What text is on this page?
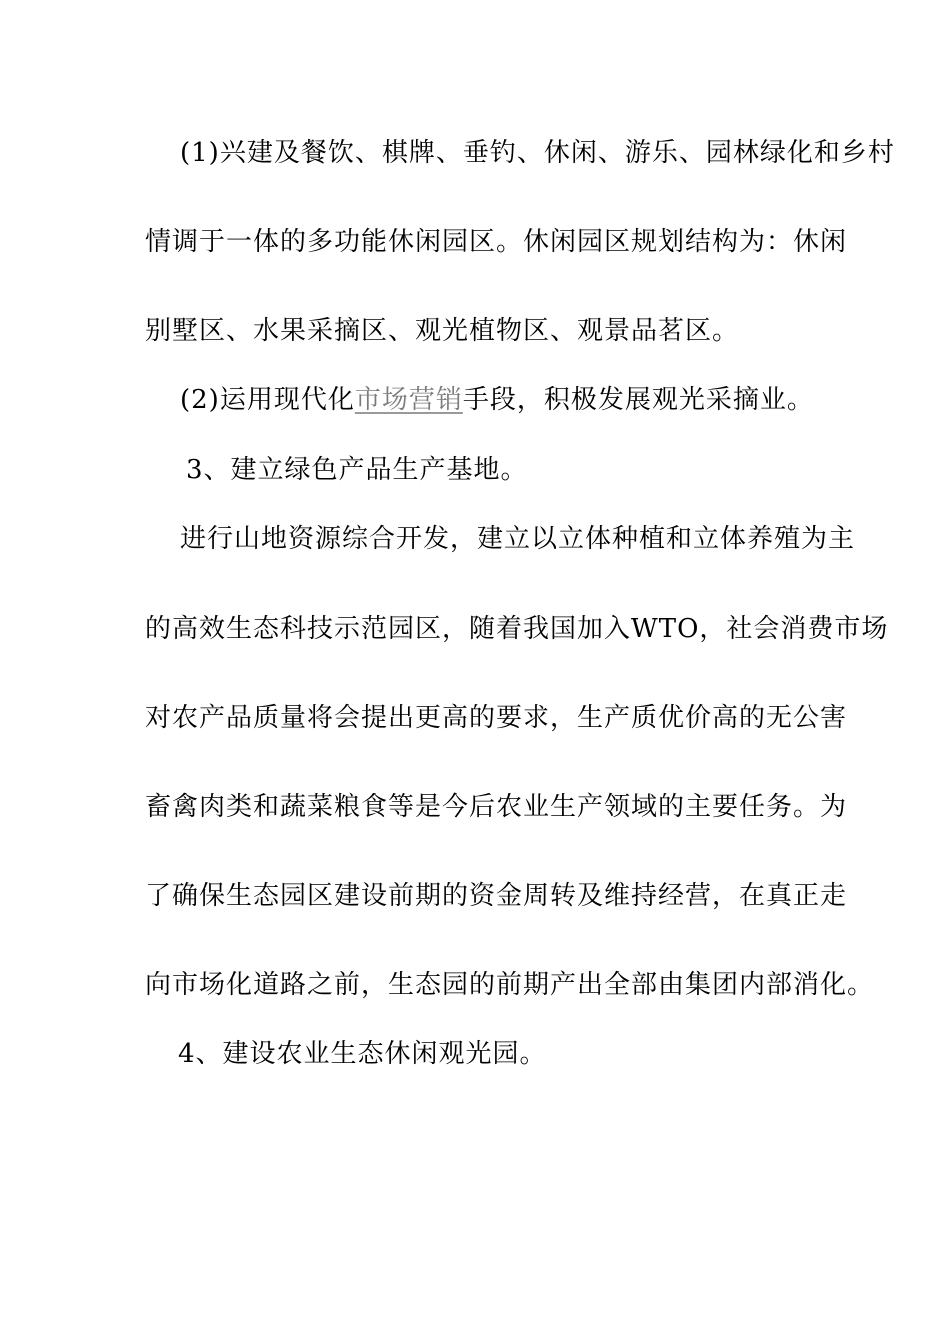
(1)兴建及餐饮、棋牌、垂钓、休闲、游乐、园林绿化和乡村
情调于一体的多功能休闲园区。休闲园区规划结构为：休闲
别墅区、水果采摘区、观光植物区、观景品茗区。
(2)运用现代化市场营销手段，积极发展观光采摘业。
3、建立绿色产品生产基地。
进行山地资源综合开发，建立以立体种植和立体养殖为主
的高效生态科技示范园区，随着我国加入WTO，社会消费市场
对农产品质量将会提出更高的要求，生产质优价高的无公害
畜禽肉类和蔬菜粮食等是今后农业生产领域的主要任务。为
了确保生态园区建设前期的资金周转及维持经营，在真正走
向市场化道路之前，生态园的前期产出全部由集团内部消化。
4、建设农业生态休闲观光园。
